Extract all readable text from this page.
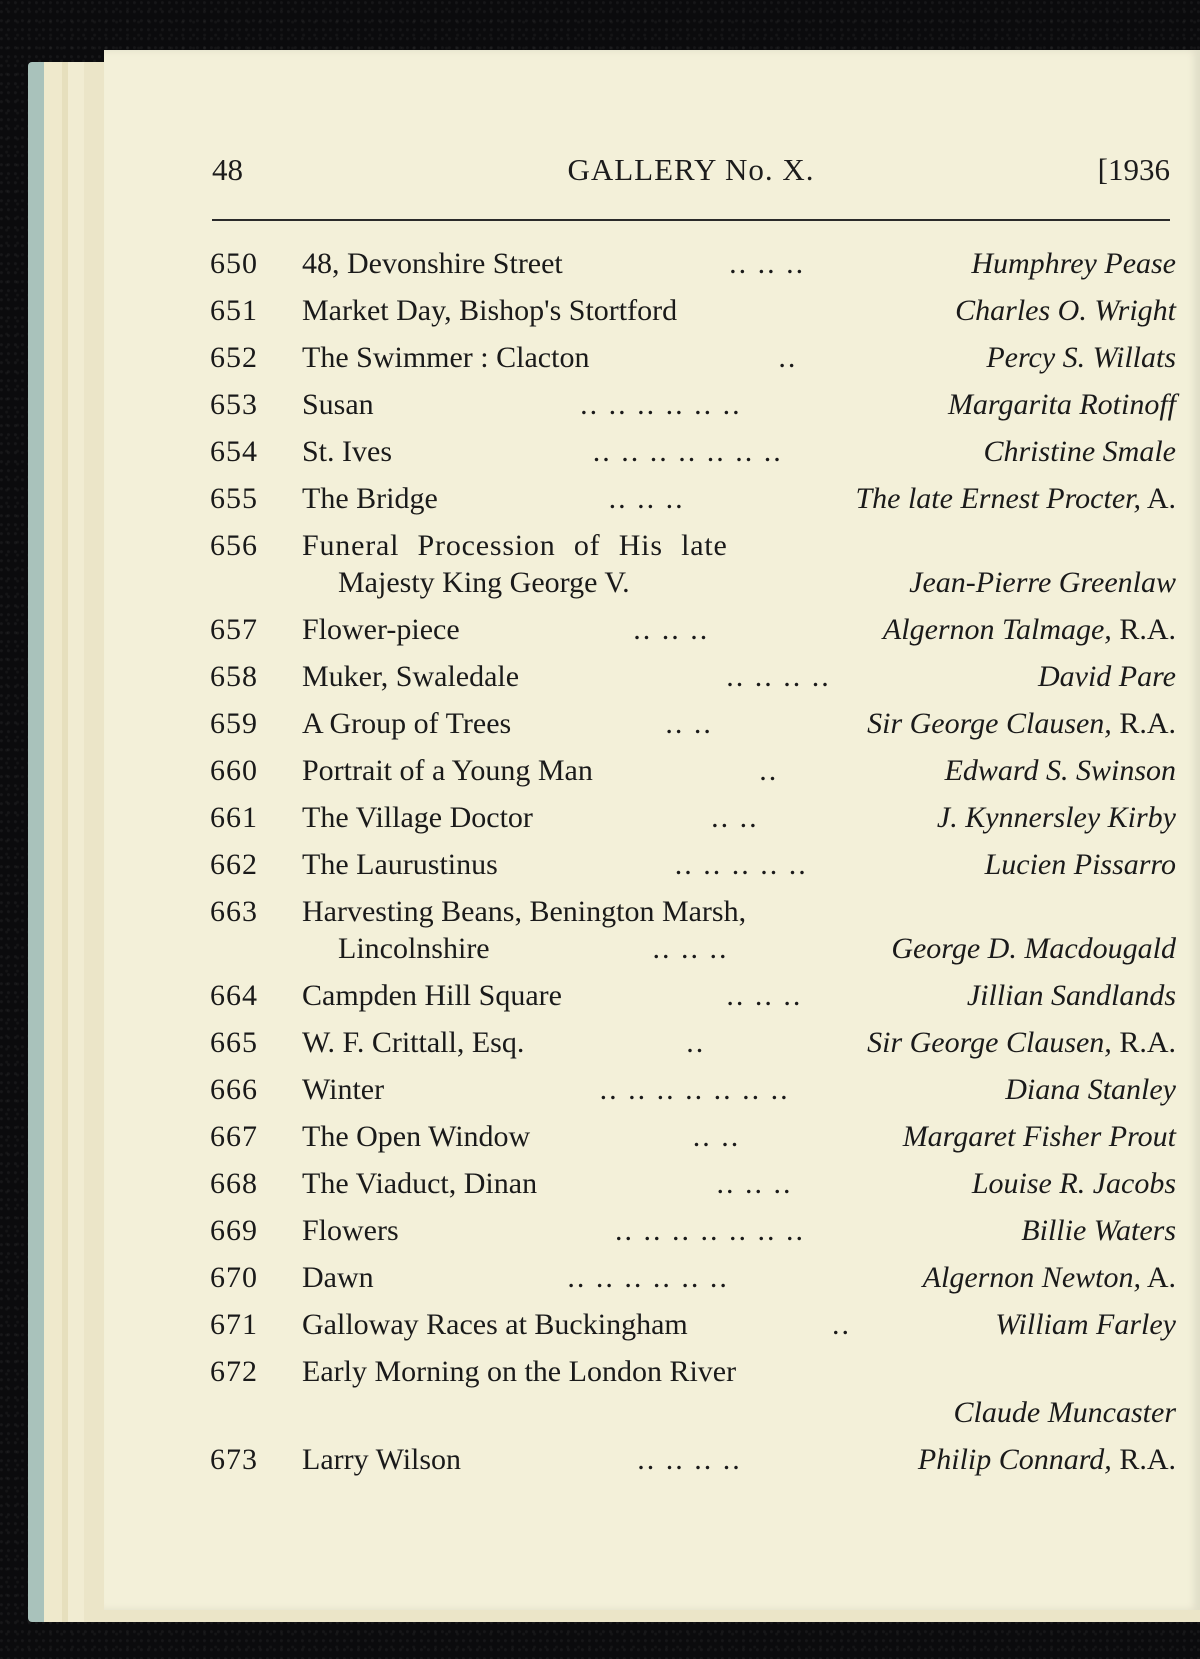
48	GALLERY No. X.	[1936
650	48, Devonshire Street	.. .. ..	Humphrey Pease
651	Market Day, Bishop's Stortford	Charles O. Wright
652	The Swimmer : Clacton	..	Percy S. Willats
653	Susan	.. .. .. .. .. ..	Margarita Rotinoff
654	St. Ives	.. .. .. .. .. .. ..	Christine Smale
655	The Bridge	.. .. ..	The late Ernest Procter, A.
656	Funeral Procession of His late
Majesty King George V.	Jean-Pierre Greenlaw
657	Flower-piece	.. .. ..	Algernon Talmage, R.A.
658	Muker, Swaledale	.. .. .. ..	David Pare
659	A Group of Trees	.. ..	Sir George Clausen, R.A.
660	Portrait of a Young Man	..	Edward S. Swinson
661	The Village Doctor	.. ..	J. Kynnersley Kirby
662	The Laurustinus	.. .. .. .. ..	Lucien Pissarro
663	Harvesting Beans, Benington Marsh,
Lincolnshire	.. .. ..	George D. Macdougald
664	Campden Hill Square	.. .. ..	Jillian Sandlands
665	W. F. Crittall, Esq.	..	Sir George Clausen, R.A.
666	Winter	.. .. .. .. .. .. ..	Diana Stanley
667	The Open Window	.. ..	Margaret Fisher Prout
668	The Viaduct, Dinan	.. .. ..	Louise R. Jacobs
669	Flowers	.. .. .. .. .. .. ..	Billie Waters
670	Dawn	.. .. .. .. .. ..	Algernon Newton, A.
671	Galloway Races at Buckingham	..	William Farley
672	Early Morning on the London River
Claude Muncaster
673	Larry Wilson	.. .. .. ..	Philip Connard, R.A.
